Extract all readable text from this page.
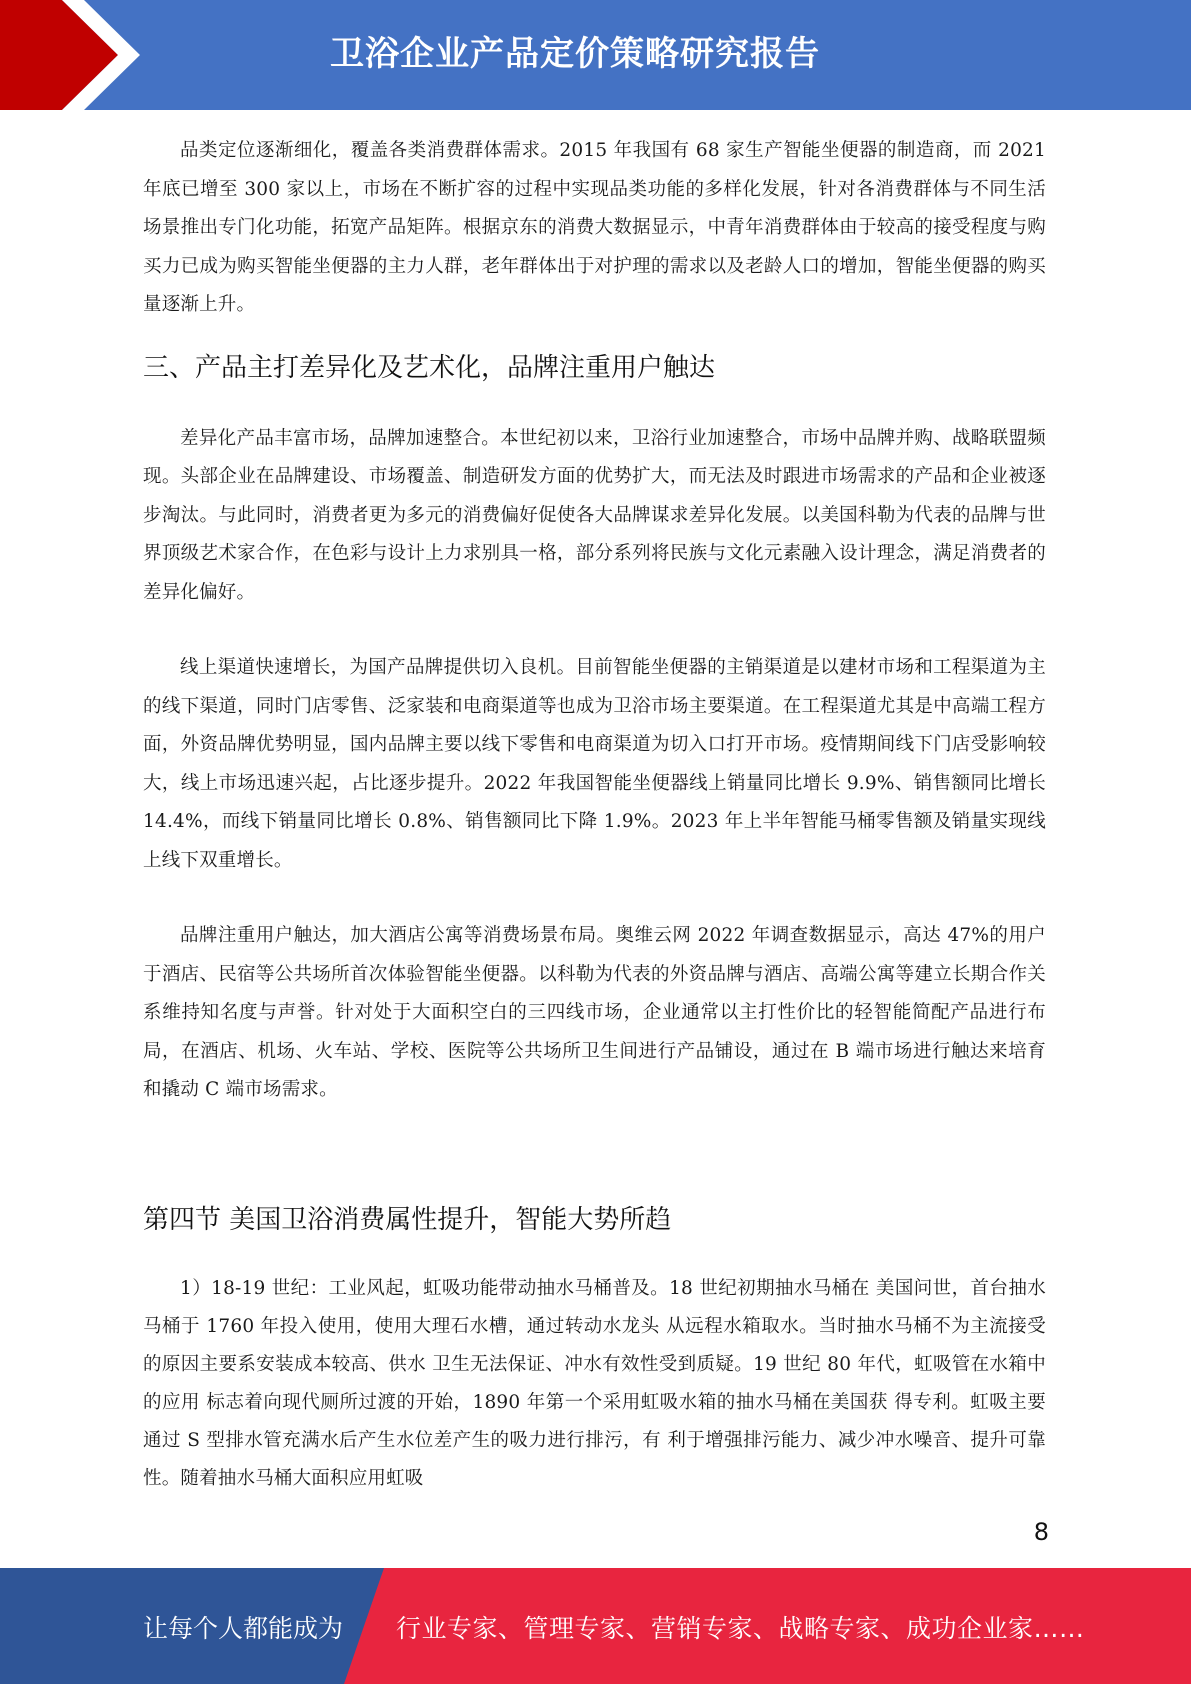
卫浴企业产品定价策略研究报告

品类定位逐渐细化，覆盖各类消费群体需求。2015 年我国有 68 家生产智能坐便器的制造商，而 2021 年底已增至 300 家以上，市场在不断扩容的过程中实现品类功能的多样化发展，针对各消费群体与不同生活场景推出专门化功能，拓宽产品矩阵。根据京东的消费大数据显示，中青年消费群体由于较高的接受程度与购买力已成为购买智能坐便器的主力人群，老年群体出于对护理的需求以及老龄人口的增加，智能坐便器的购买量逐渐上升。

三、产品主打差异化及艺术化，品牌注重用户触达

差异化产品丰富市场，品牌加速整合。本世纪初以来，卫浴行业加速整合，市场中品牌并购、战略联盟频现。头部企业在品牌建设、市场覆盖、制造研发方面的优势扩大，而无法及时跟进市场需求的产品和企业被逐步淘汰。与此同时，消费者更为多元的消费偏好促使各大品牌谋求差异化发展。以美国科勒为代表的品牌与世界顶级艺术家合作，在色彩与设计上力求别具一格，部分系列将民族与文化元素融入设计理念，满足消费者的差异化偏好。

线上渠道快速增长，为国产品牌提供切入良机。目前智能坐便器的主销渠道是以建材市场和工程渠道为主的线下渠道，同时门店零售、泛家装和电商渠道等也成为卫浴市场主要渠道。在工程渠道尤其是中高端工程方面，外资品牌优势明显，国内品牌主要以线下零售和电商渠道为切入口打开市场。疫情期间线下门店受影响较大，线上市场迅速兴起，占比逐步提升。2022 年我国智能坐便器线上销量同比增长 9.9%、销售额同比增长 14.4%，而线下销量同比增长 0.8%、销售额同比下降 1.9%。2023 年上半年智能马桶零售额及销量实现线上线下双重增长。

品牌注重用户触达，加大酒店公寓等消费场景布局。奥维云网 2022 年调查数据显示，高达 47%的用户于酒店、民宿等公共场所首次体验智能坐便器。以科勒为代表的外资品牌与酒店、高端公寓等建立长期合作关系维持知名度与声誉。针对处于大面积空白的三四线市场，企业通常以主打性价比的轻智能简配产品进行布局，在酒店、机场、火车站、学校、医院等公共场所卫生间进行产品铺设，通过在 B 端市场进行触达来培育和撬动 C 端市场需求。

第四节 美国卫浴消费属性提升，智能大势所趋

1）18-19 世纪：工业风起，虹吸功能带动抽水马桶普及。18 世纪初期抽水马桶在 美国问世，首台抽水马桶于 1760 年投入使用，使用大理石水槽，通过转动水龙头 从远程水箱取水。当时抽水马桶不为主流接受的原因主要系安装成本较高、供水 卫生无法保证、冲水有效性受到质疑。19 世纪 80 年代，虹吸管在水箱中的应用 标志着向现代厕所过渡的开始，1890 年第一个采用虹吸水箱的抽水马桶在美国获 得专利。虹吸主要通过 S 型排水管充满水后产生水位差产生的吸力进行排污，有 利于增强排污能力、减少冲水噪音、提升可靠性。随着抽水马桶大面积应用虹吸

8
让每个人都能成为 行业专家、管理专家、营销专家、战略专家、成功企业家……
